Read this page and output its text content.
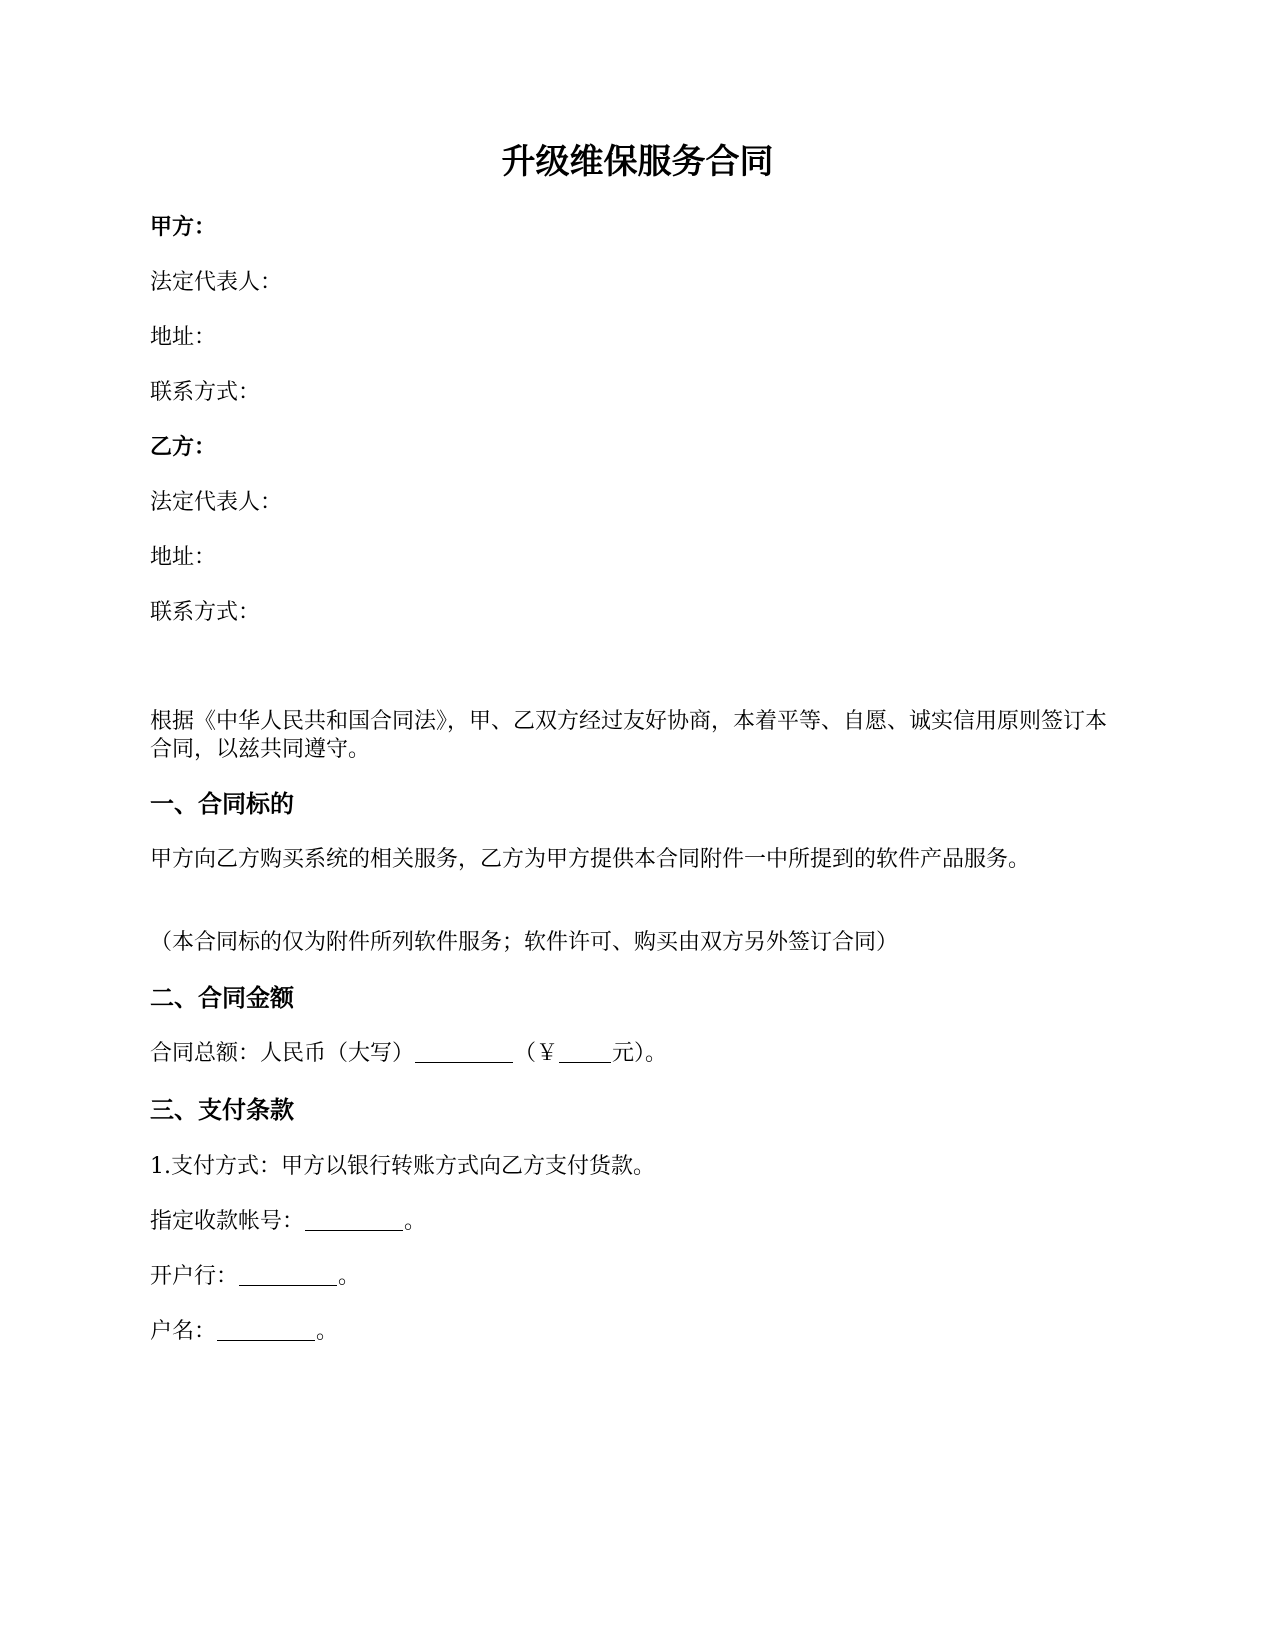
升级维保服务合同

甲方：

法定代表人：

地址：

联系方式：

乙方：

法定代表人：

地址：

联系方式：

根据《中华人民共和国合同法》，甲、乙双方经过友好协商，本着平等、自愿、诚实信用原则签订本合同，以兹共同遵守。

一、合同标的

甲方向乙方购买系统的相关服务，乙方为甲方提供本合同附件一中所提到的软件产品服务。

（本合同标的仅为附件所列软件服务；软件许可、购买由双方另外签订合同）

二、合同金额

合同总额：人民币（大写）	（￥ 元）。

三、支付条款

1.支付方式：甲方以银行转账方式向乙方支付货款。

指定收款帐号：	。

开户行：	。

户名：	。
